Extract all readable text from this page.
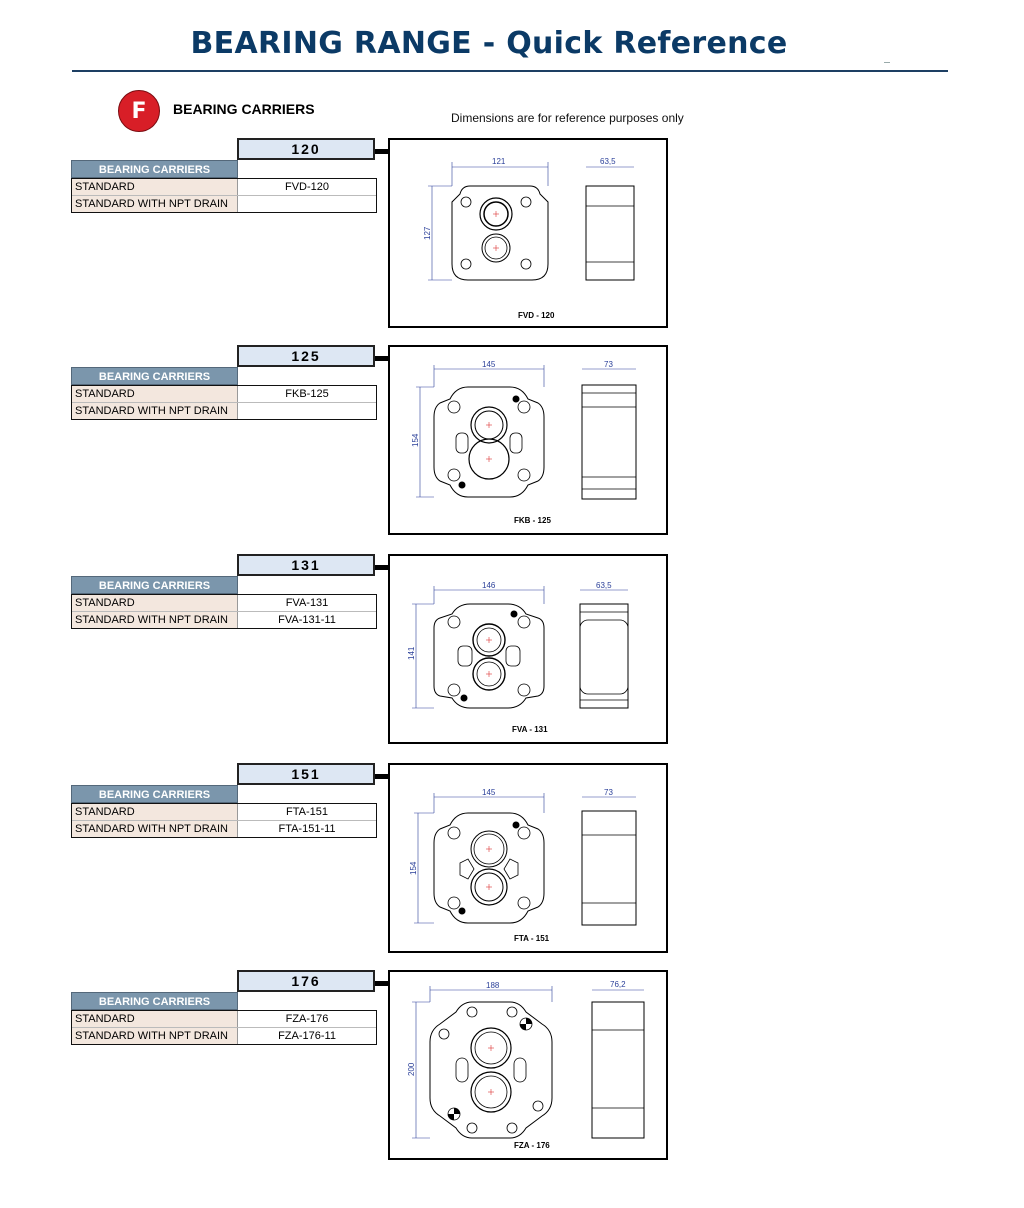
BEARING RANGE - Quick Reference
F	BEARING CARRIERS
Dimensions are for reference purposes only
120
BEARING CARRIERS
STANDARD	FVD-120
STANDARD WITH NPT DRAIN
121
127
63,5
FVD - 120
125
BEARING CARRIERS
STANDARD	FKB-125
STANDARD WITH NPT DRAIN
145
154
73
FKB - 125
131
BEARING CARRIERS
STANDARD	FVA-131
STANDARD WITH NPT DRAIN	FVA-131-11
146
141
63,5
FVA - 131
151
BEARING CARRIERS
STANDARD	FTA-151
STANDARD WITH NPT DRAIN	FTA-151-11
145
154
73
FTA - 151
176
BEARING CARRIERS
STANDARD	FZA-176
STANDARD WITH NPT DRAIN	FZA-176-11
188
200
76,2
FZA - 176
